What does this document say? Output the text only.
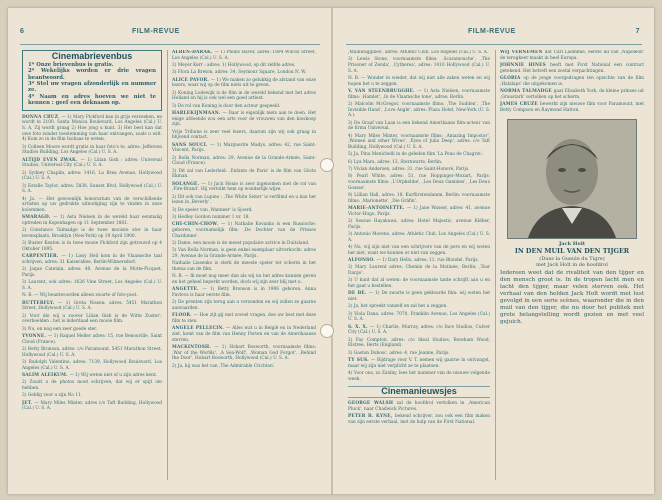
6	FILM-REVUE
Cinemabrievenbus
1* Onze brievenbus is gratis.
2* Wekelijks worden er drie vragen beantwoord.
3* Stel uw vragen afzonderlijk en nummer ze.
4* Naam en adres hoeven we niet te kennen : geef een deknaam op.

DONNA CRUZ. — 1) Mary Pickford kan in grijs verzoeken, en wordt te 2100, Santa Monica Boulevard, Los Angeles (Cal.) U. S. A. Zij wordt graag 2) Hoe jong u kunt. 3) Het best kan dat uwe foto zonder toestemming van haar ontvangen, zoals u wilt. 4) Kom zo in de film Isobaas te weten.

3) Colleen Moore wordt gratis in haar foto's te, adres: Jefferson Studios Building, Los Angeles (Cal.) U. S. A.

ALTIJD EVEN ZWAK. — 1) Lilian Gish : adres: Universal Studios, Universal City (Cal.) U. S. A.

2) Sydney Chaplin, adres: 1416, La Brea Avenue, Hollywood (Cal.) U. S. A.

3) Estelle Taylor, adres: 5838, Sunset Blvd, Hollywood (Cal.) U. S. A.

4) Ja. — Het gewoonlijk honorarium van de verschillende artisten op uw gedrukte uitnodiging zijn te vinden in onze kolommen.

SMARAGD. — 1) Asta Nielsen in de wereld haar eenmalig optreden in Kopenhagen op 11 September 1881.

2) Constance Talmadge is de twee mooiste ster in haar levensplaats, Brooklyn (New-York) op 19 April 1900.

3) Buster Keaton is in twee mooie Pickford zijn getrouwd op 4 Oktober 1895.

CARPENTIER. — 1) Lissy Heil kom in de Vlaamsche taal schrijven, adres: 31 Kaiserallee, Berlin-Wilmersdorf.

2) Jaque Catelain, adres: 48, Avenue de la Motte-Picquet, Parijs.

3) Laurent, ook adres: 1626 Vine Street, Los Angeles (Cal.) U. S. A.

N. B. — Wij beantwoorden alleen zwarte of foto-post.

BUTTERFLY. — 1) Greta Nissen: adres: 5451 Marathon Street, Hollywood (Cal.) U. S. A.

2) Voor die wij u zoover Lilian Gish is de Witte Zuster'; overbeelden : het is inderdaad een mooie film.

3) Nu, en nog een zeer goede ster.

YVONNE. — 1) Raquel Meller adres: 15, rue Benouville, Saint Cloud (France).

2) Betty Bronson, adres: c/o Paramount, 5451 Marathon Street, Hollywood (Cal.) U. S. A.

3) Rudolph Valentino, adres: 7139, Hollywood Boulevard, Los Angeles (Cal.) U. S. A.

SALIM ALEIKUM. — 1) Wij weten niet of u zijn adres kent.

2) Zoudt u de photos moet schrijven, dat wij er spijt om hebben.

3) Geldig voor u zijn No 11.

JET. — Mary Miles Minter, adres c/o Taft Building, Hollywood (Cal.) U. S. A.

ALBEN-DARAK. — 1) Phillis Haver, adres: 1894 Wilcox Street, Los Angeles (Cal.) U. S. A.

2) Meyer Kerr : adres: 1) Hollywood, op dit zelfde adres.

3) Flora La Breton, adres: 34, Seymour Square, London N. W.

ALICE PAVOR. — 1) We maken zo gelukkig de afstand van onze lezers, waar wij op de film niets uit te geven.

2) Koning Lodewijk is de film in de wereld bekend met het adres Holland en hij is ook wel een goed artiest.

3) De rol van Koning is door den acteur gespeeld.

HARLEKIJNMAAN. — Daar is eigenlijk niets aan te doen. Het enige afdoende zou een arts voor de vrouwen van den bioskoop zijn.

Vrije Tribune is zeer veel lezers, daarom zijn wij ook graag in blijvend contact.

SANS SOUCI. — 1) Marguerite Madys, adres: 42, rue Saint-Vincent, Parijs.

2) Rolla Norman, adres: 29, Avenue de la Grande-Armée, Saint-Cloud (France).

3) Dit zal van Lederleid: ‚Enfants de Paris' is de film van Gösta Ekman.

SOLANGE. — 1) Jack Hoxie is zeer ingenomen met de rol van ‚Fire-Brand'. Hij vertolkt hem op wonderlijk wijze.

2) Dit ook van Lupino : ‚The White Sister' is verfilmd en u kan het lezen in ‚Beverly'.

3) De speler van ‚Wanneer' is Sjoerd.

3) Hedley Gordon nummer 1 nr. 18.

CHI-CHIN-CHOW. — 1) Nathalie Kovanko is een Russische: geboren, voornamelijk film: ‚De Dochter van de Prinses Chardonne'.

2) Dame, een mooie is de meest populaire actrice in Duitsland.

3) Van Rolla Norman, is geen enkel exemplaar uitverkocht: adres 29, Avenue de la Grande-Armée, Parijs.

Nathalie Lissenko is sterk de meeste speler ter scherm in het thema van de film.

N. B. — Ik moet nog meer dan als wij nu het adres kunnen geven en het geheel beperkt worden, doch wij zijn zeer blij met u.

ANGETTE. — 1) Betty Bronson is in 1906 geboren. Anna Pavlova is haar eerste film.

2) De prenten zijn terug aan u verzonden en wij zullen ze gaarne aanvaarden.

FLOOR. — Hoe zijt gij met zoveel vragen, doe uw best met deze film te zien.

ANGELE PELLECIN. — Alles wat u in België en in Nederland ziet, komt van de film van Henny Porten en van de Amerikaanse sterren.

MACKINTOSH. — 1) Hobart Bosworth, voornaamste films: ‚War of the Worlds', ‚A Sea-Wolf', ‚Woman God Forgot', ‚Behind the Door', Hobart Bosworth, Hollywood (Cal.) U. S. A.

2) Ja, hij was het van ‚The Admirable Crichton'.

FILM-REVUE	7

‚Mainwaggibes', adres: Athletic Club, Los Angeles (Cal.) U. S. A.

3) Lewis Stone, voornaamste films: ‚Scaramouche', ‚The Prisoner of Zenda', ‚Cytherea', adres: 1410 Hollywood (Cal.) U. S. A.

N. B. — Wonder in wieder, dat wij niet alle zaken weten en wij hopen het u te zeggen.

V. VAN STEENBRUGGHE. — 1) Asta Nielsen, voornaamste films: ‚Hamlet', ‚In de Vlaamsche tone', adres: Berlin.

2) Malcolm McGregor, voornaamste films: ‚The Sudden', ‚The Invisible Hand', ‚Love Angle', adres: Plaza Hotel, New-York (U. S. A.).

3) De Graaf van Laan is een bekend Amerikaans film-acteur van de firma Universal.

4) Mary Miles Minter, voornaamste films: ‚Amazing Impostor', ‚Women and other Wives', ‚Eyes of Julia Deep', adres: c/o Taft Building, Hollywood (Cal.) U. S. A.

5) Ja, Pina Menichelli in de geleden film 'La Peau de Chagrin'.

6) Lya Mara, adres: 13, Sternwarte, Berlin.

7) Vivian Andersen, adres: 31, rue Saint-Honoré, Parijs.

8) Pearl White, adres: 51, rue Hoppinger-Mozart, Parijs: voornaamste films: ‚L'Orpheline', ‚Les Deux Gamines', ‚Les Deux Gosses'.

9) Lillian Hall, adres: 18, Kurfürstendamm, Berlin: voornaamste films: ‚Marionette', ‚Die Gräfin'.

MARIE-ANTOINETTE. — 1) Jane Wasser, adres: 41, avenue Victor-Hugo, Parijs.

2) Sessue Hayakawa, adres: Hotel Majestic, avenue Kléber, Parijs.

3) Antonio Moreno, adres: Athletic Club, Los Angeles (Cal.) U. S. A.

4) Nu, wij zijn niet van een schrijvers van de pers en wij weten het niet, want we kunnen er niet van zeggen.

ALFONSO. — 1) Dary Hello, adres: 11, rue Blondel, Parijs.

2) Mary Laurent adres: Chemin de la Matinée, Berlin: ‚Tsar Dargo'.

3) U kunt dat al weten: de voornaamste tante schrijft aan u en het gaat u bestellen.

DE BE. — 1) De zwarte is geen gekleurde film: wij weten het niet.

2) Ja, het spreekt vanzelf en zal het u zeggen.

3) Viola Dana, adres: 7070, Franklin Avenue, Los Angeles (Cal.) U. S. A.

S. X. X. — 1) Charlie, Murray, adres: c/o Ince Studios, Culver City (Cal.) U. S. A.

2) Fay Compton, adres: c/o Ideal Studios, Boreham Wood, Elstree, Herts (England).

3) Gaston Dubosc, adres: 4, rue Jeanne, Parijs.

TY SUS. — Bijdrage voor V. T. nemen wij gaarne in ontvangst, maar wij zijn niet verplicht ze te plaatsen.

4) Voor ons, zo Zaiday, lees het nummer van de nieuwe volgende week.

Cinemanieuwsjes

GEORGE WALSH zal de hoofdrol vertolken in ‚American Pluck', naar Chadwick Pictures.

PETER B. KYNE, bekend schrijver, zou ook een film maken van zijn eerste verhaal, met de hulp van de First National.

WIJ VERNEMEN dat Carl Laemmle, eerste lid van ‚Napoleon' de terugkeer maakt in heel Europa.

JOHNNIE HINES heeft met First National een contract getekend. Het betreft een zestal verpachtingen.

GLORIA op de jonge voorgedragen ten opzichte van de film ‚Hatzlaps' die uitgekomen is.

NORMA TALMADGE gaat Elisabeth York, de kleine prinses uit ‚Graustark' vertolken op het scherm.

JAMES CRUZE bewerkt zijn nieuwe film voor Paramount, met Betty Compson en Raymond Hatton.

Jack Holt
IN DEN MUIL VAN DEN TIJGER
(Dans la Gueule du Tigre)
met Jack Holt in de hoofdrol
Iedereen weet dat de rivaliteit van den tijger en den mensch groot is. In de tropen lacht men en lacht den tijger, maar velen sterven ook. Het verhaal van den helden Jack Holt wordt met lust gevolgd in een serie scènes, waaronder die in den muil van den tijger, die nu door het publiek met grote belangstelling wordt gezien en met veel gejuich.
